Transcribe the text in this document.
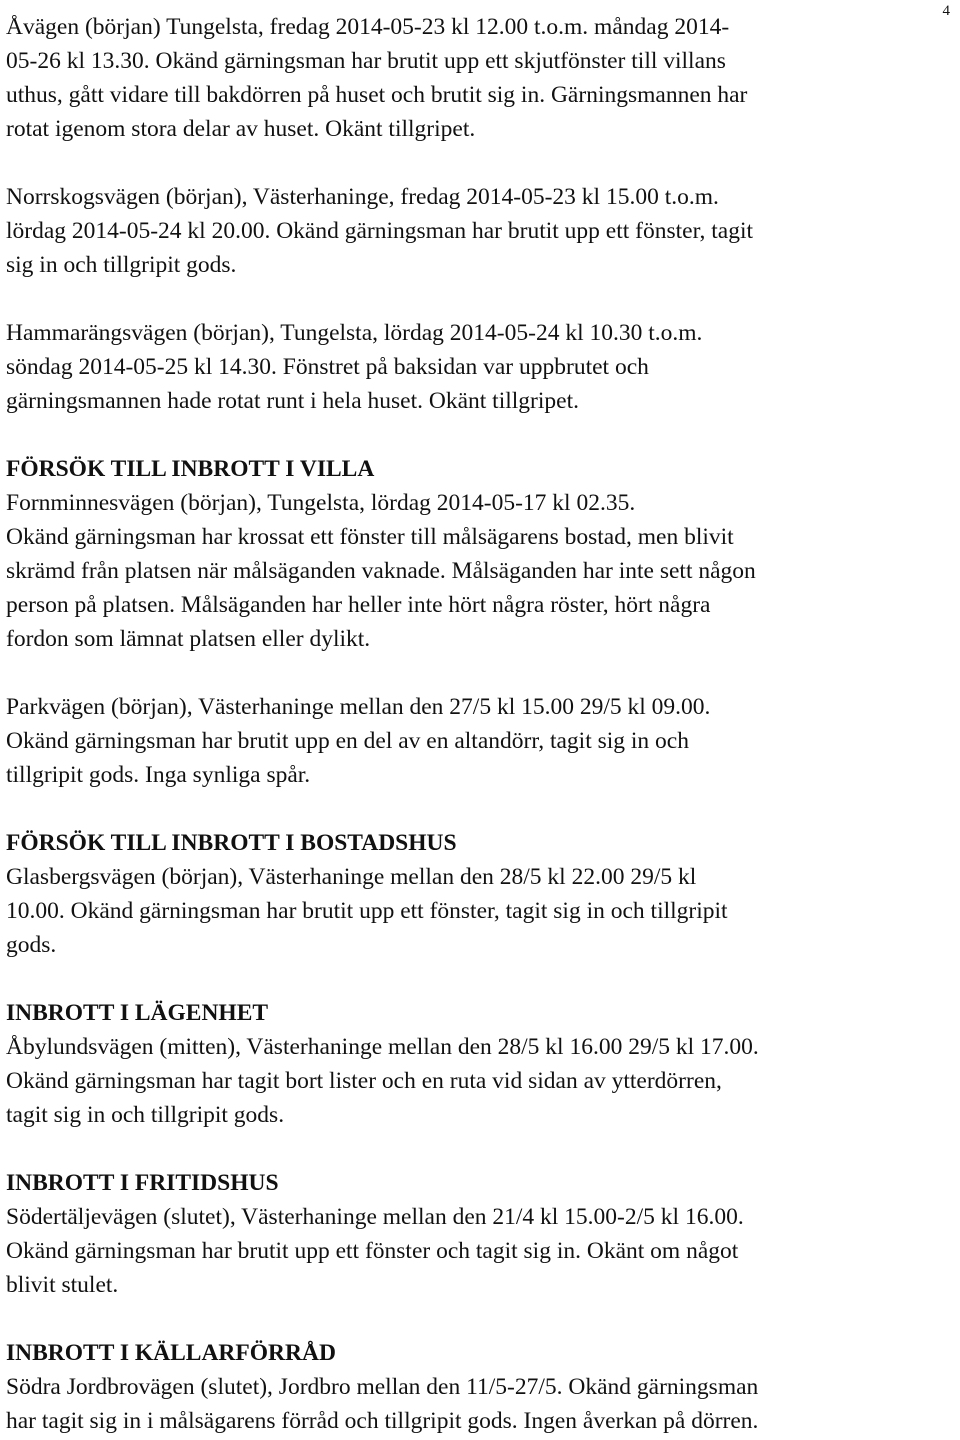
4
Åvägen (början) Tungelsta, fredag 2014-05-23 kl 12.00 t.o.m. måndag 2014-
05-26 kl 13.30. Okänd gärningsman har brutit upp ett skjutfönster till villans
uthus, gått vidare till bakdörren på huset och brutit sig in. Gärningsmannen har
rotat igenom stora delar av huset. Okänt tillgripet.
Norrskogsvägen (början), Västerhaninge, fredag 2014-05-23 kl 15.00 t.o.m.
lördag 2014-05-24 kl 20.00. Okänd gärningsman har brutit upp ett fönster, tagit
sig in och tillgripit gods.
Hammarängsvägen (början), Tungelsta, lördag 2014-05-24 kl 10.30 t.o.m.
söndag 2014-05-25 kl 14.30. Fönstret på baksidan var uppbrutet och
gärningsmannen hade rotat runt i hela huset. Okänt tillgripet.
FÖRSÖK TILL INBROTT I VILLA
Fornminnesvägen (början), Tungelsta, lördag 2014-05-17 kl 02.35.
Okänd gärningsman har krossat ett fönster till målsägarens bostad, men blivit
skrämd från platsen när målsäganden vaknade. Målsäganden har inte sett någon
person på platsen. Målsäganden har heller inte hört några röster, hört några
fordon som lämnat platsen eller dylikt.
Parkvägen (början), Västerhaninge mellan den 27/5 kl 15.00 29/5 kl 09.00.
Okänd gärningsman har brutit upp en del av en altandörr, tagit sig in och
tillgripit gods. Inga synliga spår.
FÖRSÖK TILL INBROTT I BOSTADSHUS
Glasbergsvägen (början), Västerhaninge mellan den 28/5 kl 22.00 29/5 kl
10.00. Okänd gärningsman har brutit upp ett fönster, tagit sig in och tillgripit
gods.
INBROTT I LÄGENHET
Åbylundsvägen (mitten), Västerhaninge mellan den 28/5 kl 16.00 29/5 kl 17.00.
Okänd gärningsman har tagit bort lister och en ruta vid sidan av ytterdörren,
tagit sig in och tillgripit gods.
INBROTT I FRITIDSHUS
Södertäljevägen (slutet), Västerhaninge mellan den 21/4 kl 15.00-2/5 kl 16.00.
Okänd gärningsman har brutit upp ett fönster och tagit sig in. Okänt om något
blivit stulet.
INBROTT I KÄLLARFÖRRÅD
Södra Jordbrovägen (slutet), Jordbro mellan den 11/5-27/5. Okänd gärningsman
har tagit sig in i målsägarens förråd och tillgripit gods. Ingen åverkan på dörren.
